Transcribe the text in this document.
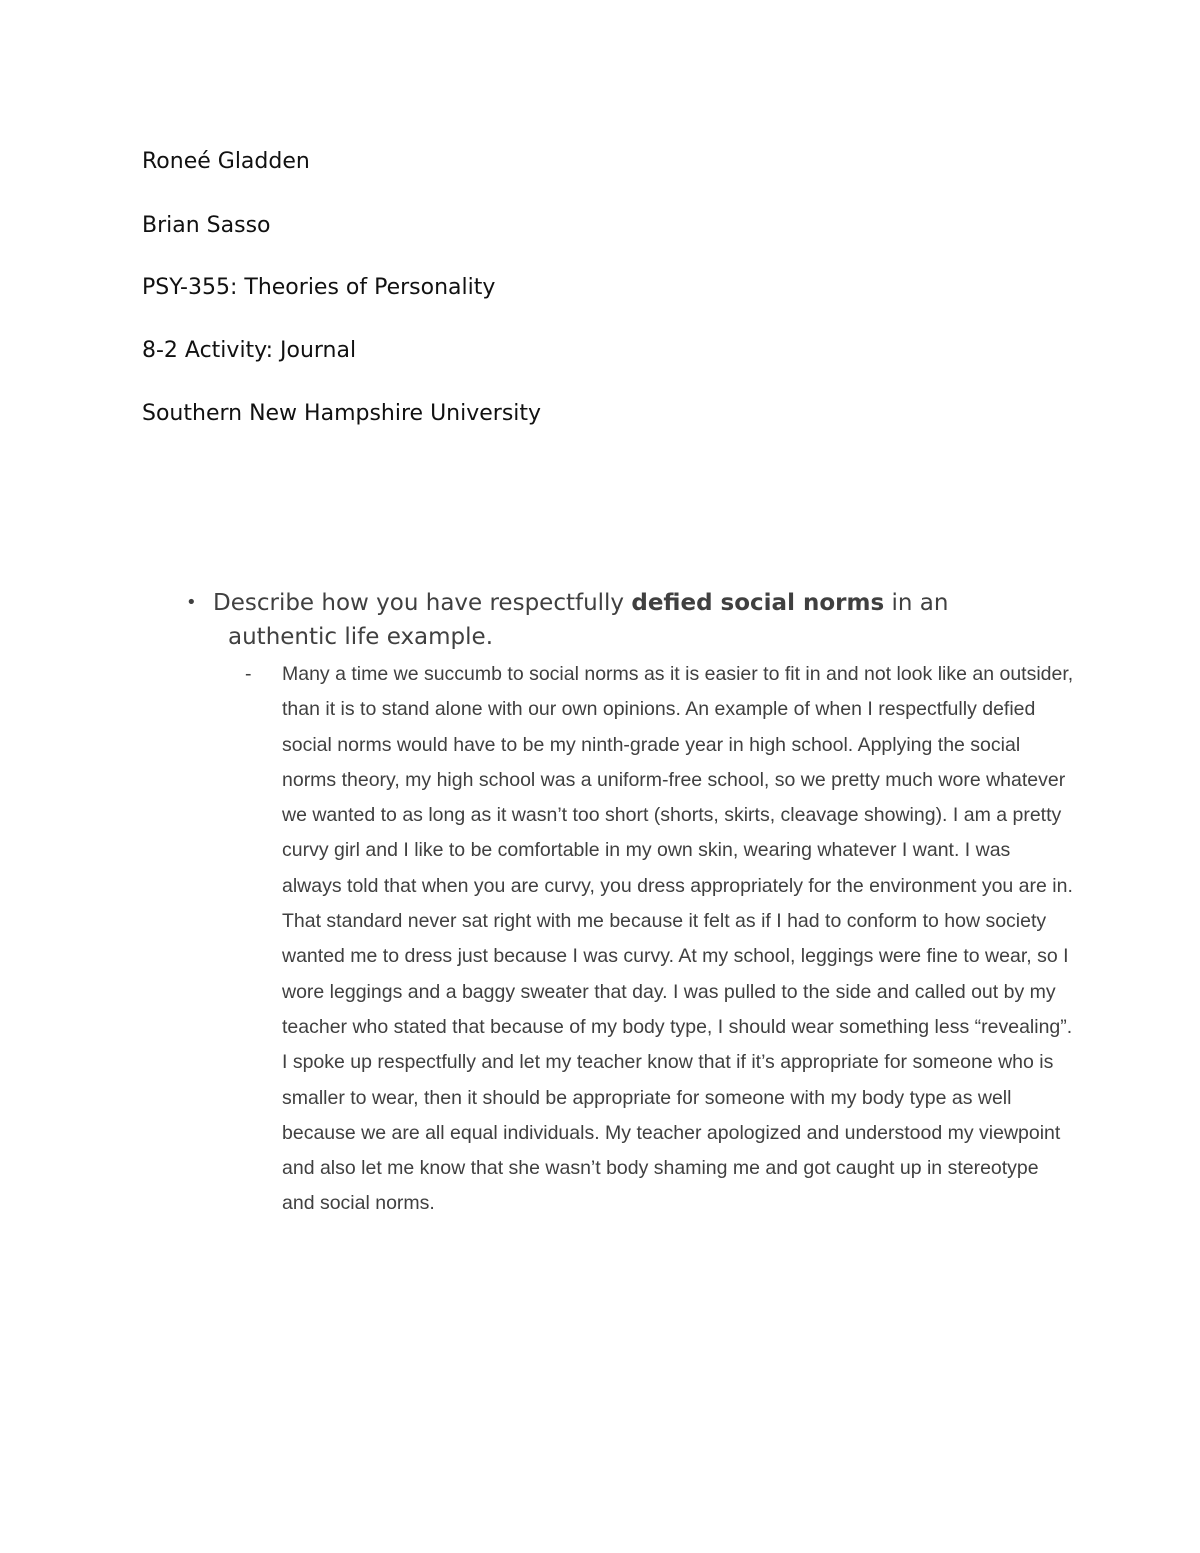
Roneé Gladden

Brian Sasso

PSY-355: Theories of Personality

8-2 Activity: Journal

Southern New Hampshire University

• Describe how you have respectfully defied social norms in an authentic life example.

-	Many a time we succumb to social norms as it is easier to fit in and not look like an outsider, than it is to stand alone with our own opinions. An example of when I respectfully defied social norms would have to be my ninth-grade year in high school. Applying the social norms theory, my high school was a uniform-free school, so we pretty much wore whatever we wanted to as long as it wasn’t too short (shorts, skirts, cleavage showing). I am a pretty curvy girl and I like to be comfortable in my own skin, wearing whatever I want. I was always told that when you are curvy, you dress appropriately for the environment you are in. That standard never sat right with me because it felt as if I had to conform to how society wanted me to dress just because I was curvy. At my school, leggings were fine to wear, so I wore leggings and a baggy sweater that day. I was pulled to the side and called out by my teacher who stated that because of my body type, I should wear something less “revealing”. I spoke up respectfully and let my teacher know that if it’s appropriate for someone who is smaller to wear, then it should be appropriate for someone with my body type as well because we are all equal individuals. My teacher apologized and understood my viewpoint and also let me know that she wasn’t body shaming me and got caught up in stereotype and social norms.
